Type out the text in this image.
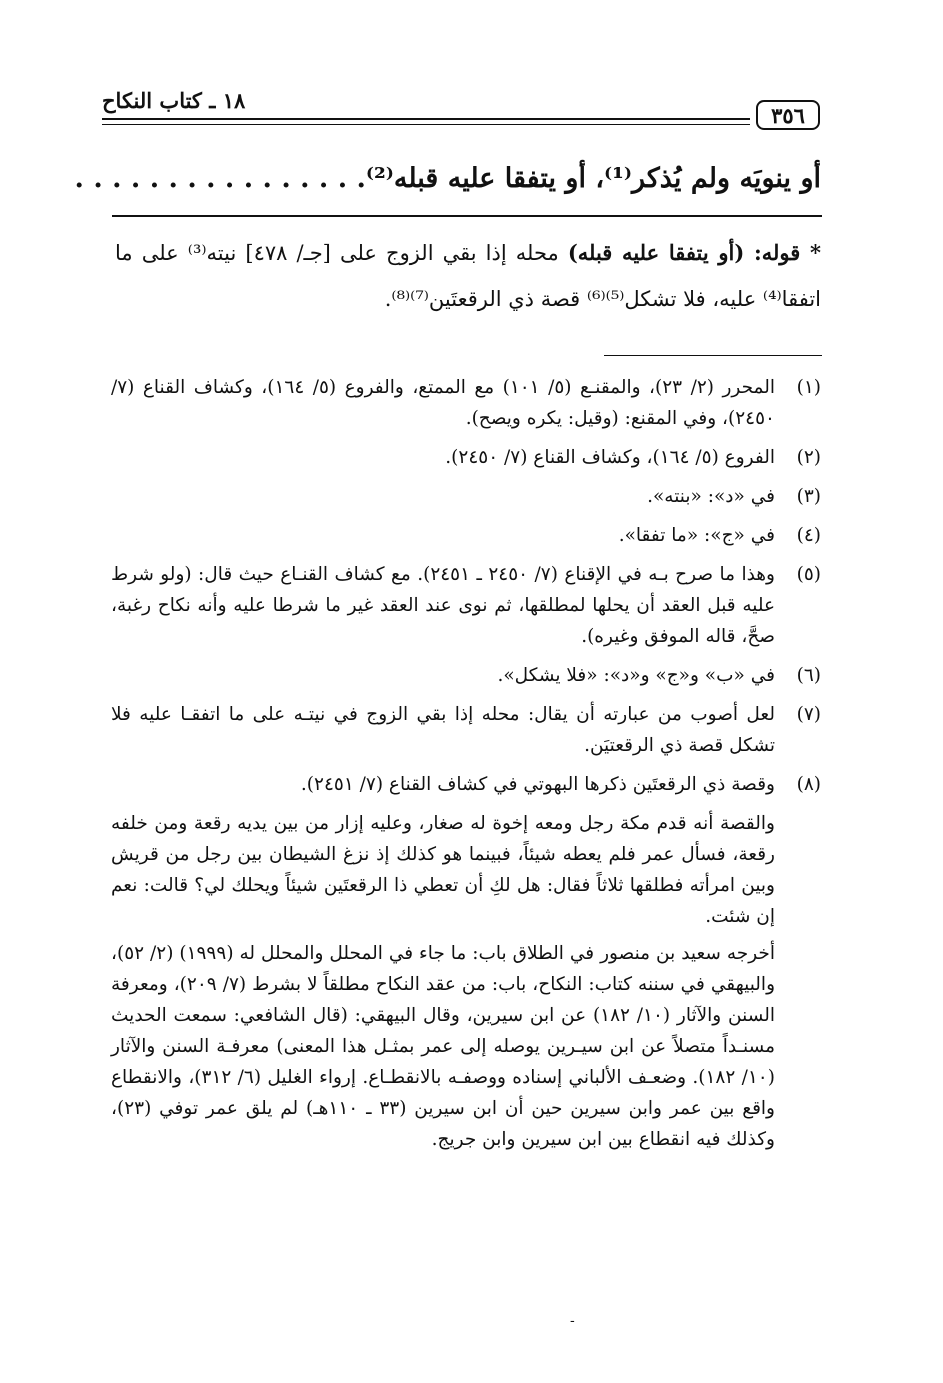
٣٥٦
١٨ ـ كتاب النكاح
أو ينويَه ولم يُذكر⁽¹⁾، أو يتفقا عليه قبله⁽²⁾. . . . . . . . . . . . . . . .
* قوله: (أو يتفقا عليه قبله) محله إذا بقي الزوج على [جـ/ ٤٧٨] نيته⁽³⁾ على ما اتفقا⁽⁴⁾ عليه، فلا تشكل⁽⁵⁾⁽⁶⁾ قصة ذي الرقعتَين⁽⁷⁾⁽⁸⁾.
(١)
المحرر (٢/ ٢٣)، والمقنـع (٥/ ١٠١) مع الممتع، والفروع (٥/ ١٦٤)، وكشاف القناع (٧/ ٢٤٥٠)، وفي المقنع: (وقيل: يكره ويصح).
(٢)
الفروع (٥/ ١٦٤)، وكشاف القناع (٧/ ٢٤٥٠).
(٣)
في «د»: «بنته».
(٤)
في «ج»: «ما تفقا».
(٥)
وهذا ما صرح بـه في الإقناع (٧/ ٢٤٥٠ ـ ٢٤٥١). مع كشاف القنـاع حيث قال: (ولو شرط عليه قبل العقد أن يحلها لمطلقها، ثم نوى عند العقد غير ما شرطا عليه وأنه نكاح رغبة، صحَّ، قاله الموفق وغيره).
(٦)
في «ب» و«ج» و«د»: «فلا يشكل».
(٧)
لعل أصوب من عبارته أن يقال: محله إذا بقي الزوج في نيتـه على ما اتفقـا عليه فلا تشكل قصة ذي الرقعتيَن.
(٨)
وقصة ذي الرقعتَين ذكرها البهوتي في كشاف القناع (٧/ ٢٤٥١).
والقصة أنه قدم مكة رجل ومعه إخوة له صغار، وعليه إزار من بين يديه رقعة ومن خلفه رقعة، فسأل عمر فلم يعطه شيئاً، فبينما هو كذلك إذ نزغ الشيطان بين رجل من قريش وبين امرأته فطلقها ثلاثاً فقال: هل لكِ أن تعطي ذا الرقعتَين شيئاً ويحلك لي؟ قالت: نعم إن شئت.
أخرجه سعيد بن منصور في الطلاق باب: ما جاء في المحلل والمحلل له (١٩٩٩) (٢/ ٥٢)، والبيهقي في سننه كتاب: النكاح، باب: من عقد النكاح مطلقاً لا بشرط (٧/ ٢٠٩)، ومعرفة السنن والآثار (١٠/ ١٨٢) عن ابن سيرين، وقال البيهقي: (قال الشافعي: سمعت الحديث مسنـداً متصلاً عن ابن سيـرين يوصله إلى عمر بمثـل هذا المعنى) معرفـة السنن والآثار (١٠/ ١٨٢). وضعـف الألباني إسناده ووصفـه بالانقطـاع. إرواء الغليل (٦/ ٣١٢)، والانقطاع واقع بين عمر وابن سيرين حين أن ابن سيرين (٣٣ ـ ١١٠هـ) لم يلق عمر توفي (٢٣)، وكذلك فيه انقطاع بين ابن سيرين وابن جريج.
-
